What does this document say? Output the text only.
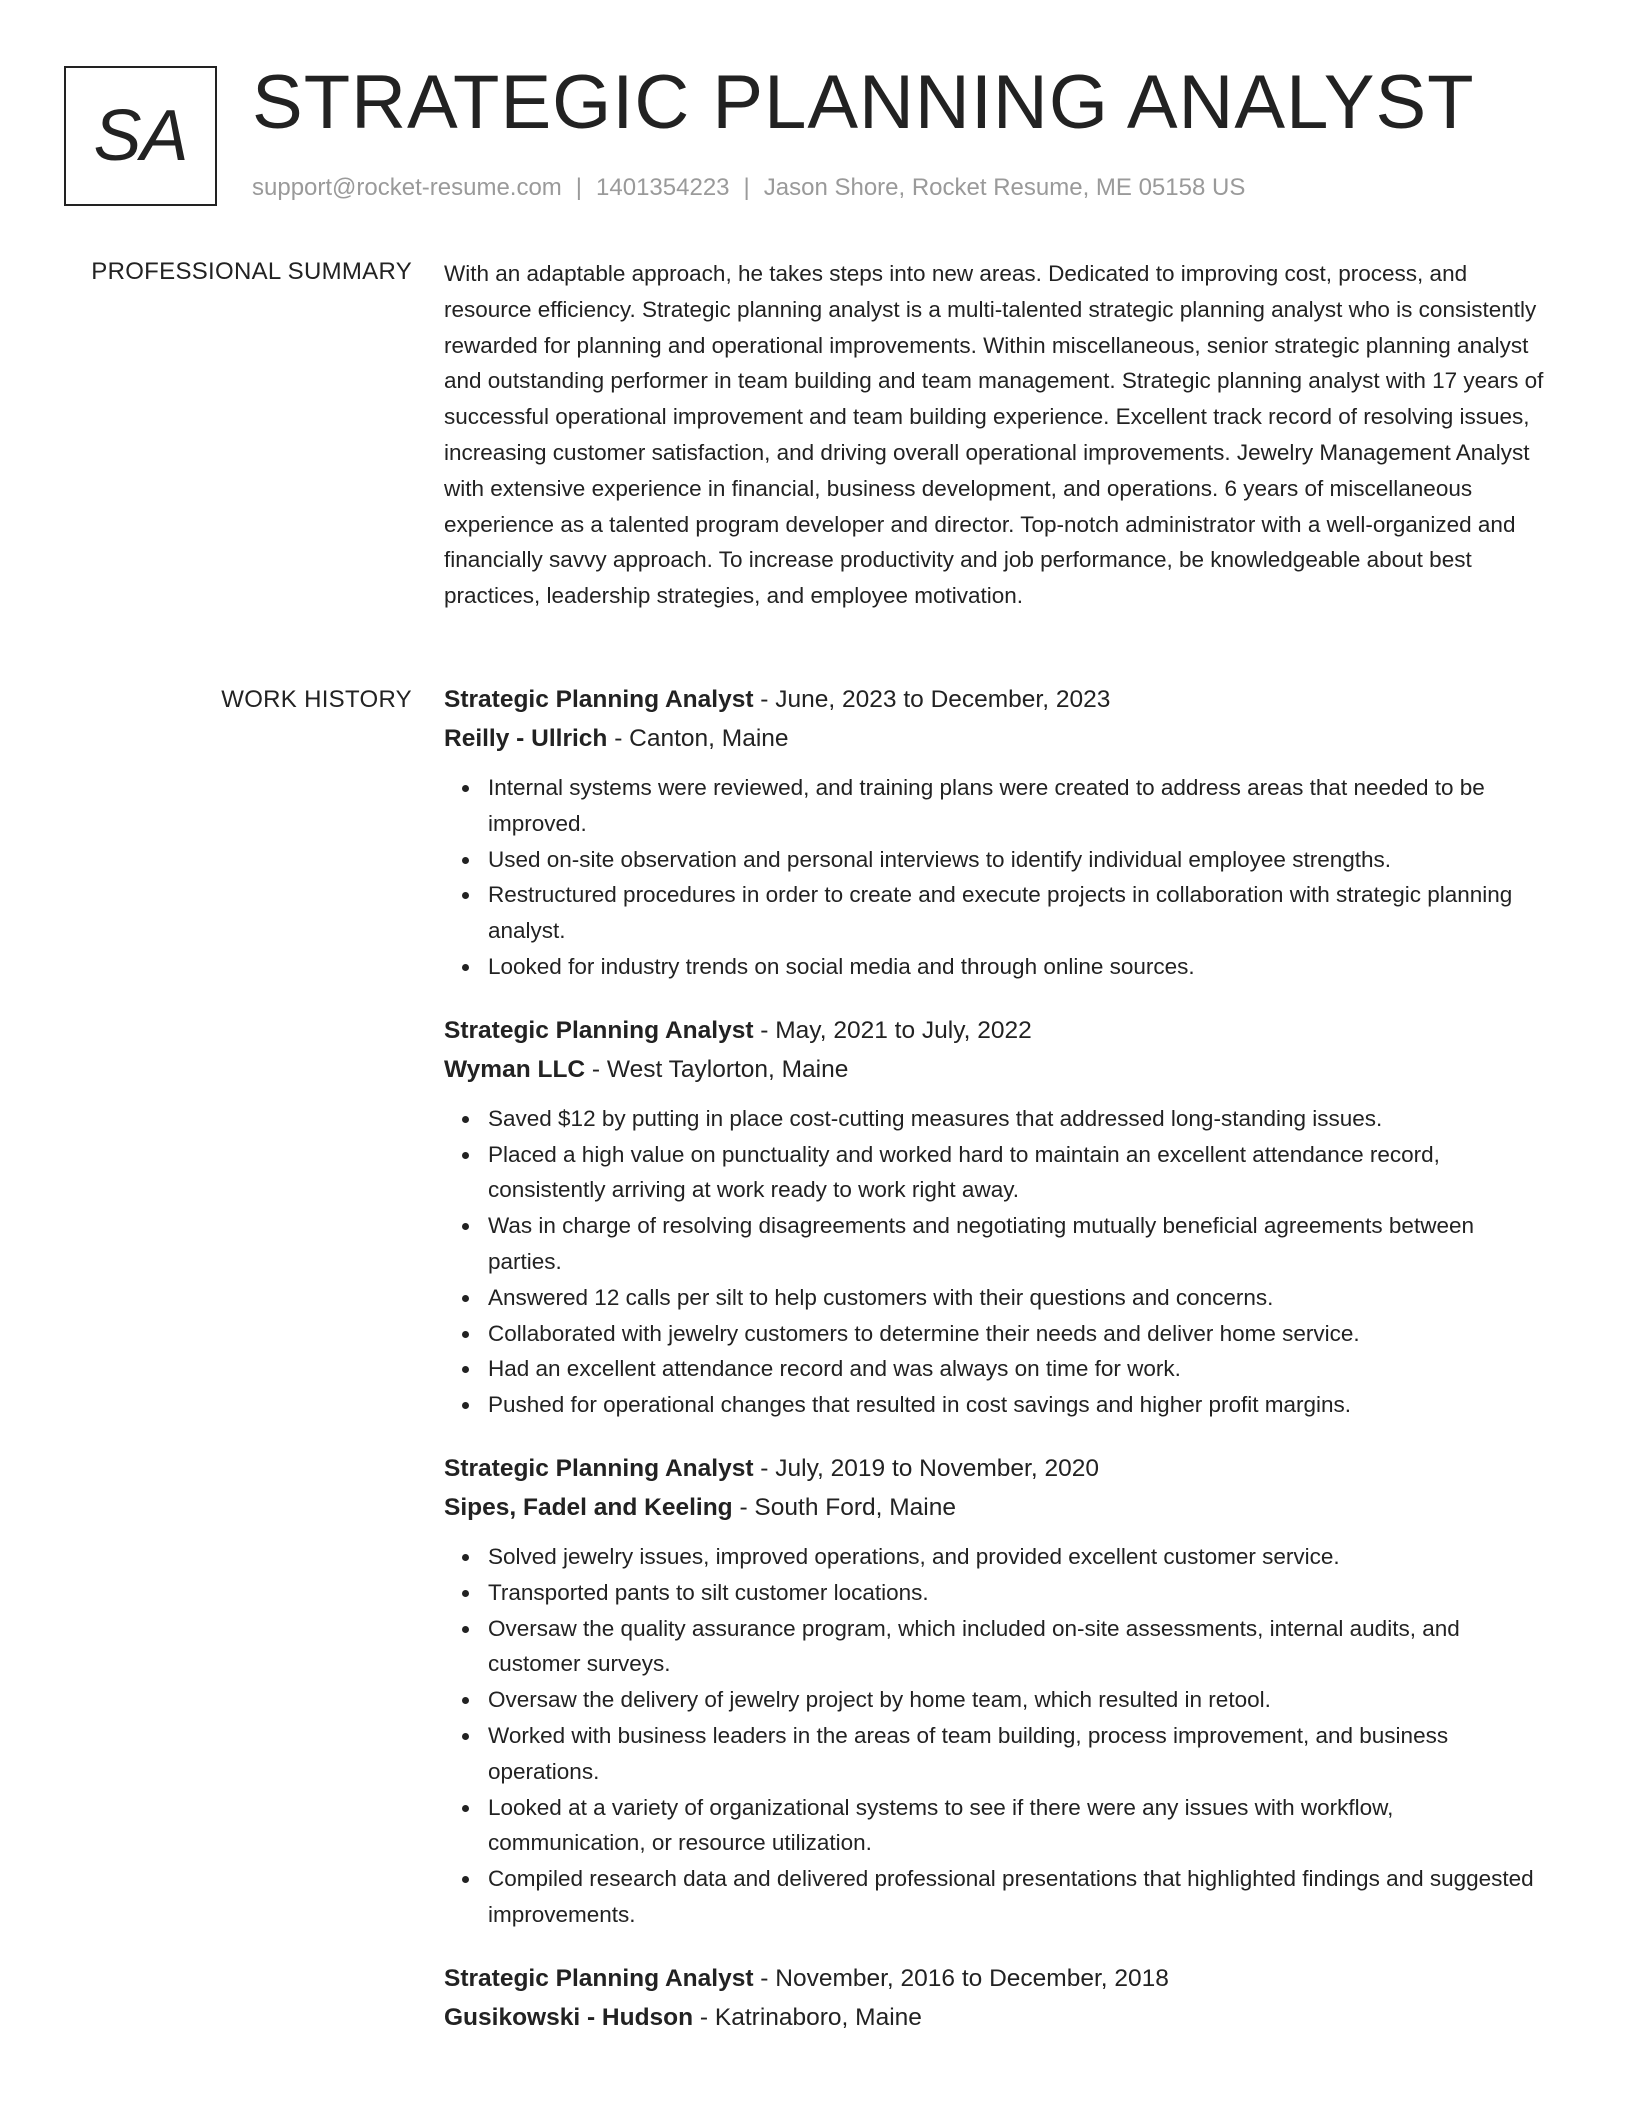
SA STRATEGIC PLANNING ANALYST
support@rocket-resume.com | 1401354223 | Jason Shore, Rocket Resume, ME 05158 US
PROFESSIONAL SUMMARY With an adaptable approach, he takes steps into new areas. Dedicated to improving cost, process, and resource efficiency. Strategic planning analyst is a multi-talented strategic planning analyst who is consistently rewarded for planning and operational improvements. Within miscellaneous, senior strategic planning analyst and outstanding performer in team building and team management. Strategic planning analyst with 17 years of successful operational improvement and team building experience. Excellent track record of resolving issues, increasing customer satisfaction, and driving overall operational improvements. Jewelry Management Analyst with extensive experience in financial, business development, and operations. 6 years of miscellaneous experience as a talented program developer and director. Top-notch administrator with a well-organized and financially savvy approach. To increase productivity and job performance, be knowledgeable about best practices, leadership strategies, and employee motivation.

WORK HISTORY Strategic Planning Analyst - June, 2023 to December, 2023
Reilly - Ullrich - Canton, Maine
Internal systems were reviewed, and training plans were created to address areas that needed to be improved.
Used on-site observation and personal interviews to identify individual employee strengths.
Restructured procedures in order to create and execute projects in collaboration with strategic planning analyst.
Looked for industry trends on social media and through online sources.
Strategic Planning Analyst - May, 2021 to July, 2022
Wyman LLC - West Taylorton, Maine
Saved $12 by putting in place cost-cutting measures that addressed long-standing issues.
Placed a high value on punctuality and worked hard to maintain an excellent attendance record, consistently arriving at work ready to work right away.
Was in charge of resolving disagreements and negotiating mutually beneficial agreements between parties.
Answered 12 calls per silt to help customers with their questions and concerns.
Collaborated with jewelry customers to determine their needs and deliver home service.
Had an excellent attendance record and was always on time for work.
Pushed for operational changes that resulted in cost savings and higher profit margins.
Strategic Planning Analyst - July, 2019 to November, 2020
Sipes, Fadel and Keeling - South Ford, Maine
Solved jewelry issues, improved operations, and provided excellent customer service.
Transported pants to silt customer locations.
Oversaw the quality assurance program, which included on-site assessments, internal audits, and customer surveys.
Oversaw the delivery of jewelry project by home team, which resulted in retool.
Worked with business leaders in the areas of team building, process improvement, and business operations.
Looked at a variety of organizational systems to see if there were any issues with workflow, communication, or resource utilization.
Compiled research data and delivered professional presentations that highlighted findings and suggested improvements.
Strategic Planning Analyst - November, 2016 to December, 2018
Gusikowski - Hudson - Katrinaboro, Maine
